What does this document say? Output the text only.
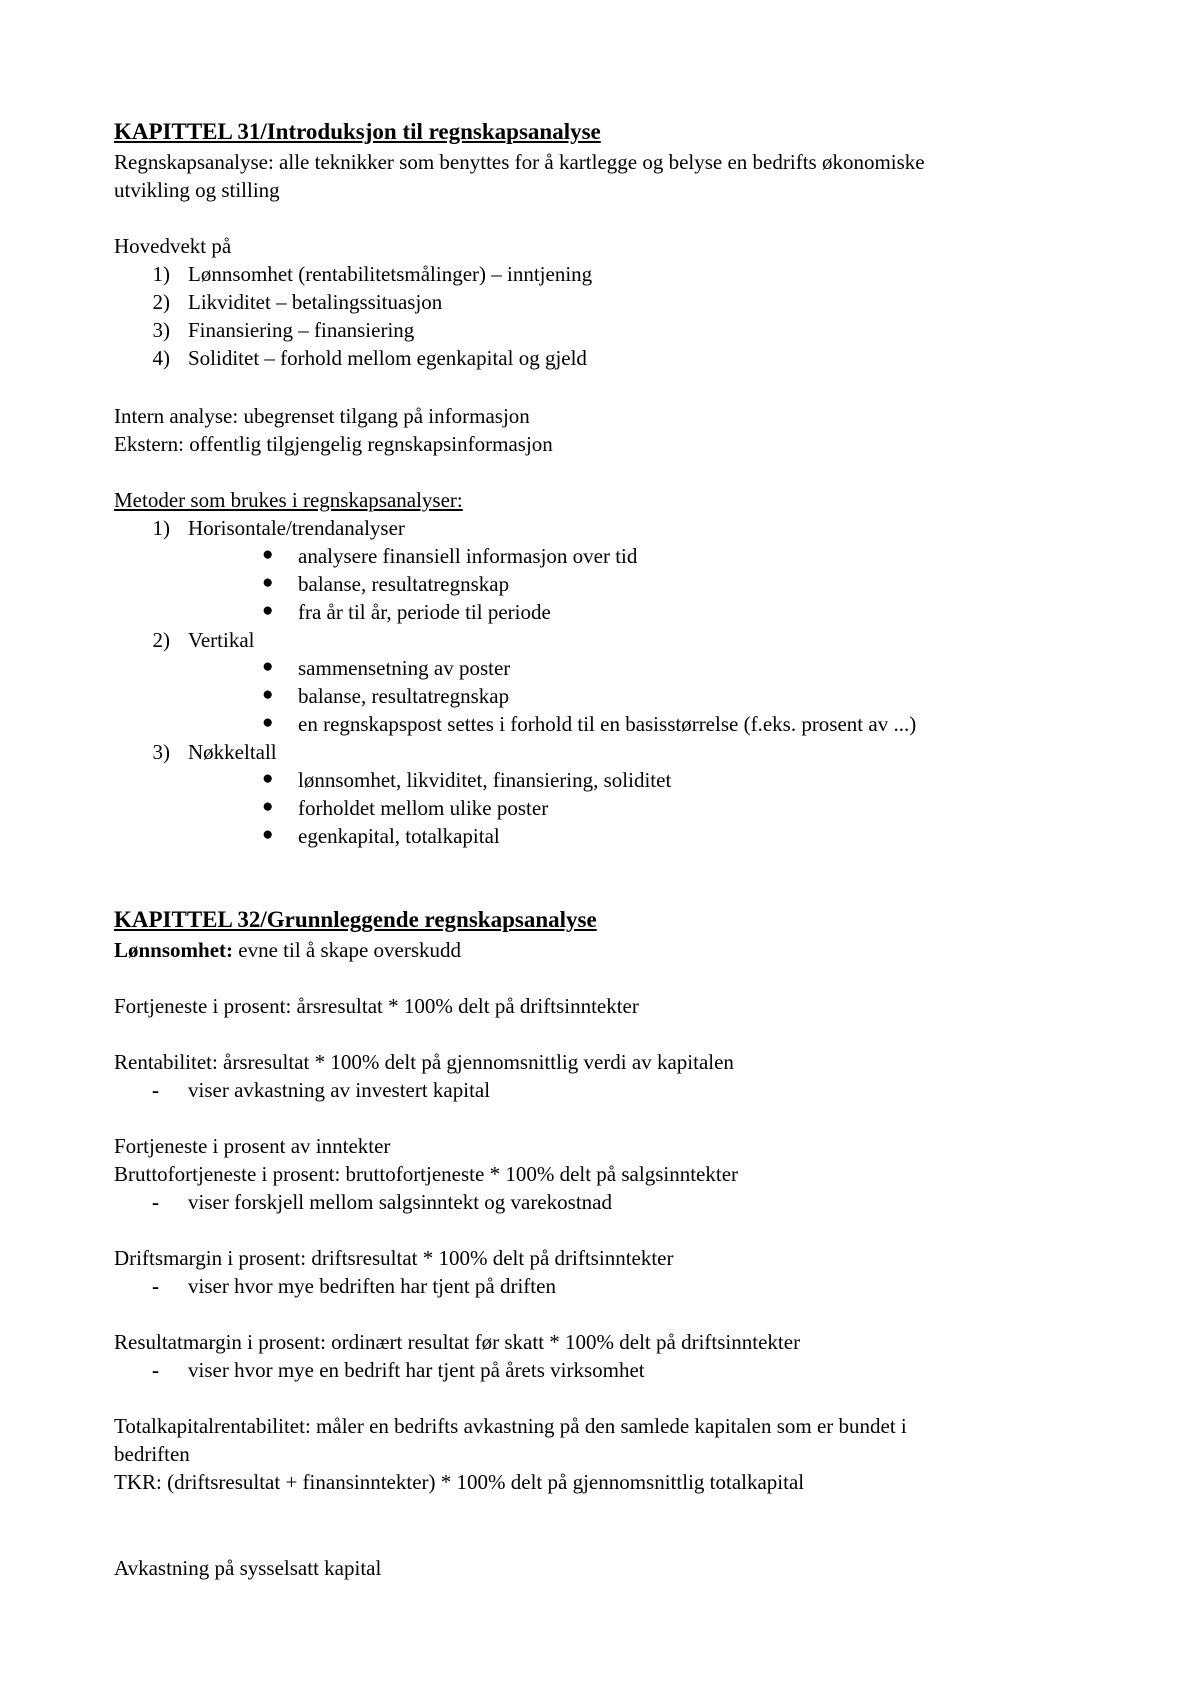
KAPITTEL 31/Introduksjon til regnskapsanalyse
Regnskapsanalyse: alle teknikker som benyttes for å kartlegge og belyse en bedrifts økonomiske
utvikling og stilling
Hovedvekt på
1) Lønnsomhet (rentabilitetsmålinger) – inntjening
2) Likviditet – betalingssituasjon
3) Finansiering – finansiering
4) Soliditet – forhold mellom egenkapital og gjeld
Intern analyse: ubegrenset tilgang på informasjon
Ekstern: offentlig tilgjengelig regnskapsinformasjon
Metoder som brukes i regnskapsanalyser:
1) Horisontale/trendanalyser
● analysere finansiell informasjon over tid
● balanse, resultatregnskap
● fra år til år, periode til periode
2) Vertikal
● sammensetning av poster
● balanse, resultatregnskap
● en regnskapspost settes i forhold til en basisstørrelse (f.eks. prosent av ...)
3) Nøkkeltall
● lønnsomhet, likviditet, finansiering, soliditet
● forholdet mellom ulike poster
● egenkapital, totalkapital
KAPITTEL 32/Grunnleggende regnskapsanalyse
Lønnsomhet: evne til å skape overskudd
Fortjeneste i prosent: årsresultat * 100% delt på driftsinntekter
Rentabilitet: årsresultat * 100% delt på gjennomsnittlig verdi av kapitalen
- viser avkastning av investert kapital
Fortjeneste i prosent av inntekter
Bruttofortjeneste i prosent: bruttofortjeneste * 100% delt på salgsinntekter
- viser forskjell mellom salgsinntekt og varekostnad
Driftsmargin i prosent: driftsresultat * 100% delt på driftsinntekter
- viser hvor mye bedriften har tjent på driften
Resultatmargin i prosent: ordinært resultat før skatt * 100% delt på driftsinntekter
- viser hvor mye en bedrift har tjent på årets virksomhet
Totalkapitalrentabilitet: måler en bedrifts avkastning på den samlede kapitalen som er bundet i
bedriften
TKR: (driftsresultat + finansinntekter) * 100% delt på gjennomsnittlig totalkapital
Avkastning på sysselsatt kapital
